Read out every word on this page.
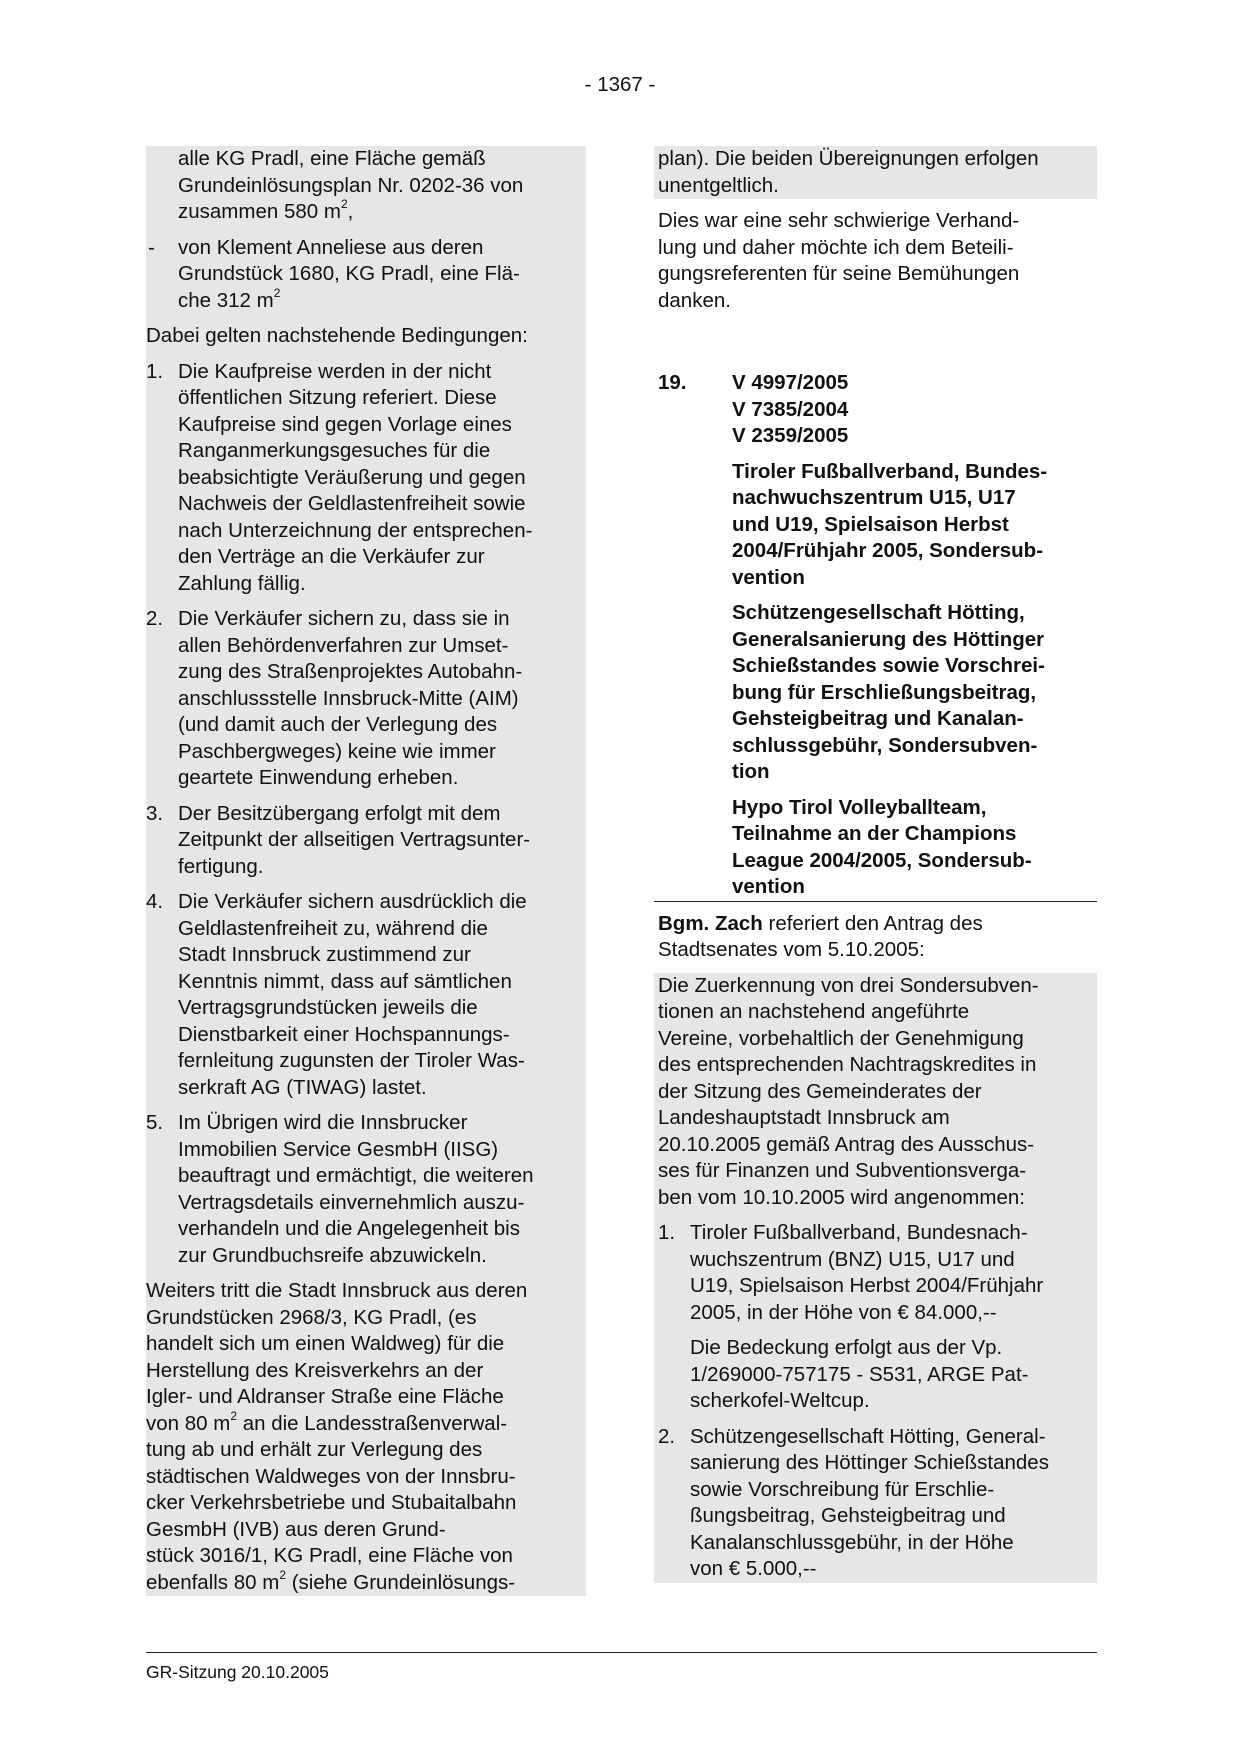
- 1367 -
alle KG Pradl, eine Fläche gemäß
Grundeinlösungsplan Nr. 0202-36 von
zusammen 580 $m^2$,
- von Klement Anneliese aus deren
Grundstück 1680, KG Pradl, eine Flä-
che 312 $m^2$
Dabei gelten nachstehende Bedingungen:
1. Die Kaufpreise werden in der nicht
öffentlichen Sitzung referiert. Diese
Kaufpreise sind gegen Vorlage eines
Ranganmerkungsgesuches für die
beabsichtigte Veräußerung und gegen
Nachweis der Geldlastenfreiheit sowie
nach Unterzeichnung der entsprechen-
den Verträge an die Verkäufer zur
Zahlung fällig.
2. Die Verkäufer sichern zu, dass sie in
allen Behördenverfahren zur Umset-
zung des Straßenprojektes Autobahn-
anschlussstelle Innsbruck-Mitte (AIM)
(und damit auch der Verlegung des
Paschbergweges) keine wie immer
geartete Einwendung erheben.
3. Der Besitzübergang erfolgt mit dem
Zeitpunkt der allseitigen Vertragsunter-
fertigung.
4. Die Verkäufer sichern ausdrücklich die
Geldlastenfreiheit zu, während die
Stadt Innsbruck zustimmend zur
Kenntnis nimmt, dass auf sämtlichen
Vertragsgrundstücken jeweils die
Dienstbarkeit einer Hochspannungs-
fernleitung zugunsten der Tiroler Was-
serkraft AG (TIWAG) lastet.
5. Im Übrigen wird die Innsbrucker
Immobilien Service GesmbH (IISG)
beauftragt und ermächtigt, die weiteren
Vertragsdetails einvernehmlich auszu-
verhandeln und die Angelegenheit bis
zur Grundbuchsreife abzuwickeln.
Weiters tritt die Stadt Innsbruck aus deren
Grundstücken 2968/3, KG Pradl, (es
handelt sich um einen Waldweg) für die
Herstellung des Kreisverkehrs an der
Igler- und Aldranser Straße eine Fläche
von 80 $m^2$ an die Landesstraßenverwal-
tung ab und erhält zur Verlegung des
städtischen Waldweges von der Innsbru-
cker Verkehrsbetriebe und Stubaitalbahn
GesmbH (IVB) aus deren Grund-
stück 3016/1, KG Pradl, eine Fläche von
ebenfalls 80 $m^2$ (siehe Grundeinlösungs-
plan). Die beiden Übereignungen erfolgen
unentgeltlich.
Dies war eine sehr schwierige Verhand-
lung und daher möchte ich dem Beteili-
gungsreferenten für seine Bemühungen
danken.
19. V 4997/2005
V 7385/2004
V 2359/2005
Tiroler Fußballverband, Bundes-
nachwuchszentrum U15, U17
und U19, Spielsaison Herbst
2004/Frühjahr 2005, Sondersub-
vention
Schützengesellschaft Hötting,
Generalsanierung des Höttinger
Schießstandes sowie Vorschrei-
bung für Erschließungsbeitrag,
Gehsteigbeitrag und Kanalan-
schlussgebühr, Sondersubven-
tion
Hypo Tirol Volleyballteam,
Teilnahme an der Champions
League 2004/2005, Sondersub-
vention
Bgm. Zach referiert den Antrag des
Stadtsenates vom 5.10.2005:
Die Zuerkennung von drei Sondersubven-
tionen an nachstehend angeführte
Vereine, vorbehaltlich der Genehmigung
des entsprechenden Nachtragskredites in
der Sitzung des Gemeinderates der
Landeshauptstadt Innsbruck am
20.10.2005 gemäß Antrag des Ausschus-
ses für Finanzen und Subventionsverga-
ben vom 10.10.2005 wird angenommen:
1. Tiroler Fußballverband, Bundesnach-
wuchszentrum (BNZ) U15, U17 und
U19, Spielsaison Herbst 2004/Frühjahr
2005, in der Höhe von € 84.000,--
Die Bedeckung erfolgt aus der Vp.
1/269000-757175 - S531, ARGE Pat-
scherkofel-Weltcup.
2. Schützengesellschaft Hötting, General-
sanierung des Höttinger Schießstandes
sowie Vorschreibung für Erschlie-
ßungsbeitrag, Gehsteigbeitrag und
Kanalanschlussgebühr, in der Höhe
von € 5.000,--
GR-Sitzung 20.10.2005
